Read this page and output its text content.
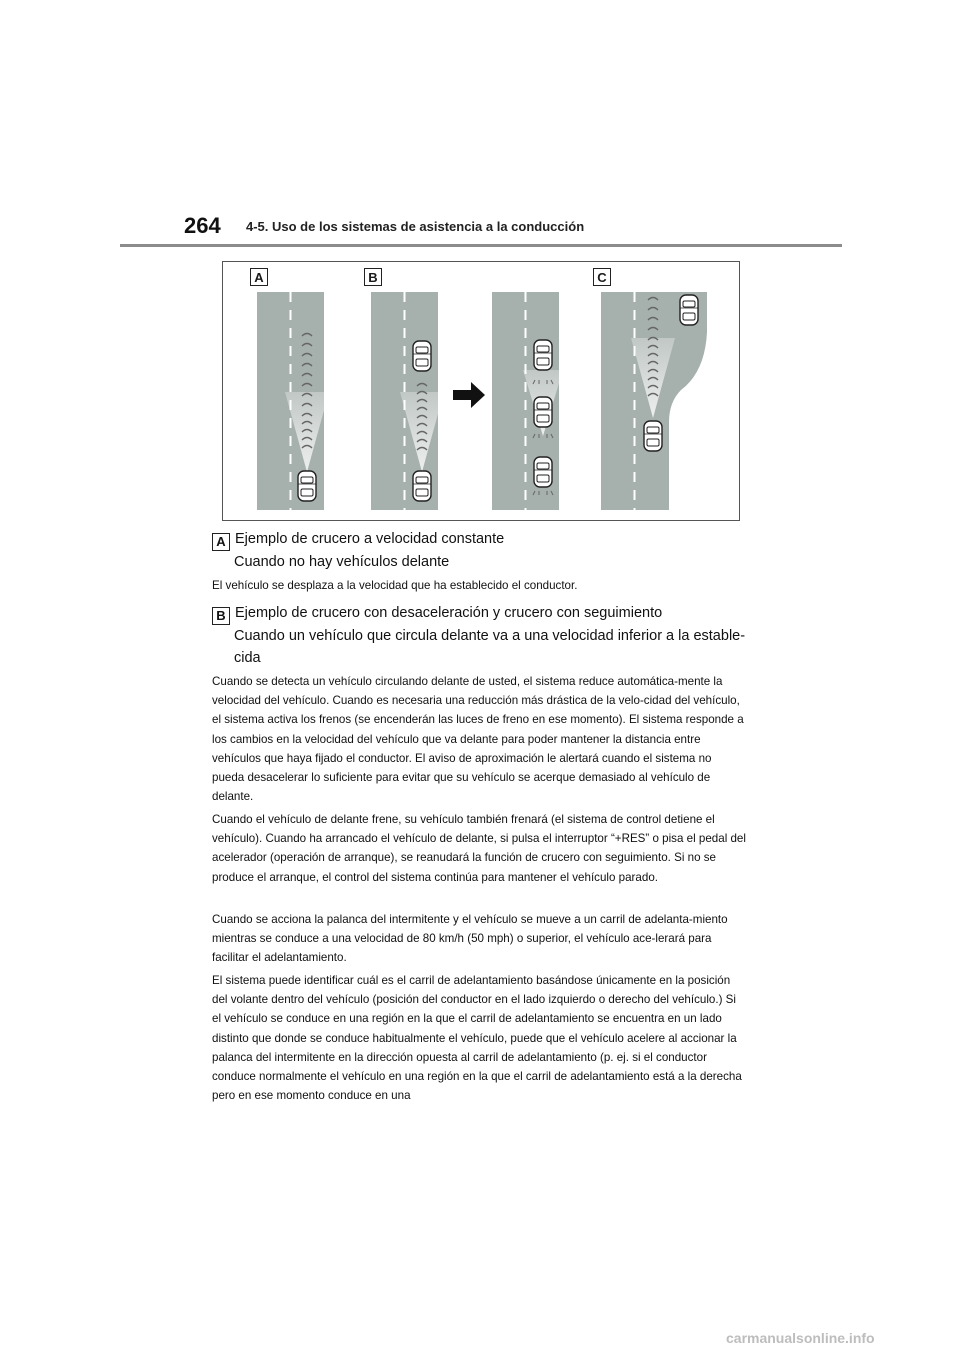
264 4-5. Uso de los sistemas de asistencia a la conducción
A	B	C
A Ejemplo de crucero a velocidad constante
Cuando no hay vehículos delante
El vehículo se desplaza a la velocidad que ha establecido el conductor.
B Ejemplo de crucero con desaceleración y crucero con seguimiento
Cuando un vehículo que circula delante va a una velocidad inferior a la estable-cida
Cuando se detecta un vehículo circulando delante de usted, el sistema reduce automática-mente la velocidad del vehículo. Cuando es necesaria una reducción más drástica de la velo-cidad del vehículo, el sistema activa los frenos (se encenderán las luces de freno en ese momento). El sistema responde a los cambios en la velocidad del vehículo que va delante para poder mantener la distancia entre vehículos que haya fijado el conductor. El aviso de aproximación le alertará cuando el sistema no pueda desacelerar lo suficiente para evitar que su vehículo se acerque demasiado al vehículo de delante.
Cuando el vehículo de delante frene, su vehículo también frenará (el sistema de control detiene el vehículo). Cuando ha arrancado el vehículo de delante, si pulsa el interruptor “+RES” o pisa el pedal del acelerador (operación de arranque), se reanudará la función de crucero con seguimiento. Si no se produce el arranque, el control del sistema continúa para mantener el vehículo parado.
Cuando se acciona la palanca del intermitente y el vehículo se mueve a un carril de adelanta-miento mientras se conduce a una velocidad de 80 km/h (50 mph) o superior, el vehículo ace-lerará para facilitar el adelantamiento.
El sistema puede identificar cuál es el carril de adelantamiento basándose únicamente en la posición del volante dentro del vehículo (posición del conductor en el lado izquierdo o derecho del vehículo.) Si el vehículo se conduce en una región en la que el carril de adelantamiento se encuentra en un lado distinto que donde se conduce habitualmente el vehículo, puede que el vehículo acelere al accionar la palanca del intermitente en la dirección opuesta al carril de adelantamiento (p. ej. si el conductor conduce normalmente el vehículo en una región en la que el carril de adelantamiento está a la derecha pero en ese momento conduce en una
carmanualsonline.info
